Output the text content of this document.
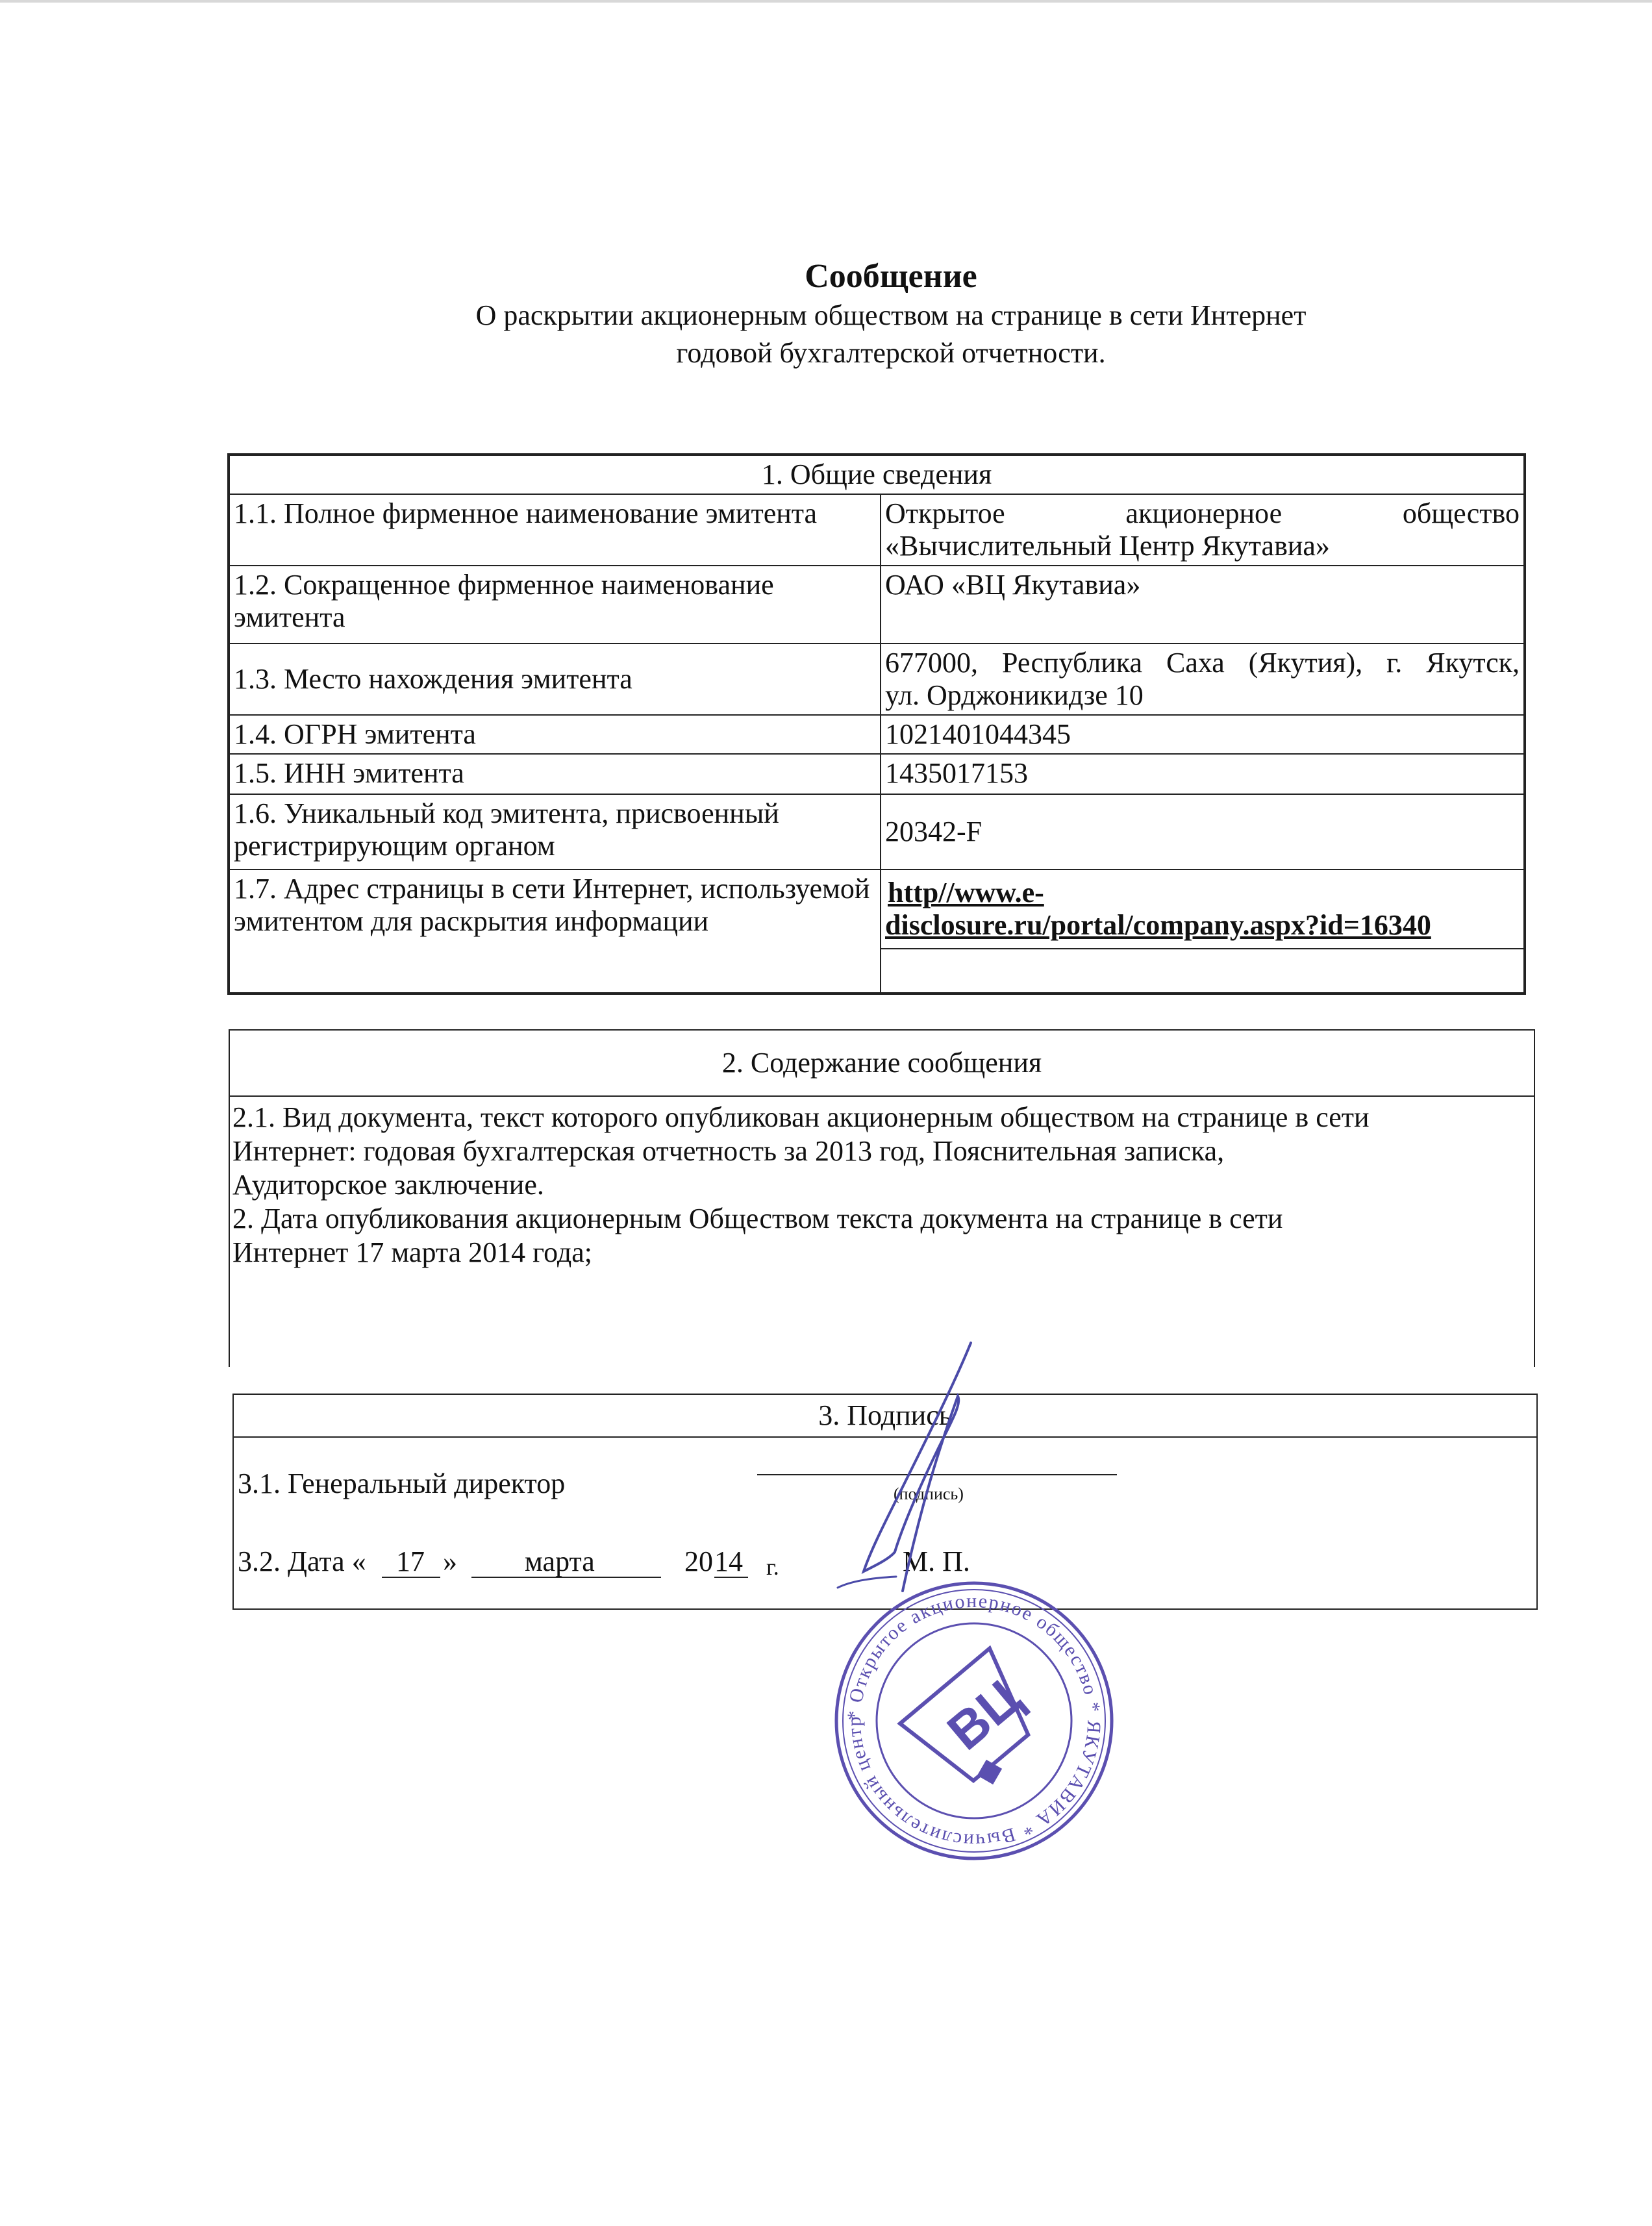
Сообщение
О раскрытии акционерным обществом на странице в сети Интернет
годовой бухгалтерской отчетности.
1. Общие сведения	
1.1. Полное фирменное наименование эмитента	Открытое акционерное общество
«Вычислительный Центр Якутавиа»

1.2. Сокращенное фирменное наименование эмитента	ОАО «ВЦ Якутавиа»
1.3. Место нахождения эмитента	677000, Республика Саха (Якутия), г. Якутск,
ул. Орджоникидзе 10

1.4. ОГРН эмитента	1021401044345
1.5. ИНН эмитента	1435017153
1.6. Уникальный код эмитента, присвоенный регистрирующим органом	20342-F
1.7. Адрес страницы в сети Интернет, используемой эмитентом для раскрытия информации	http//www.e-
disclosure.ru/portal/company.aspx?id=16340
2. Содержание сообщения
2.1. Вид документа, текст которого опубликован акционерным обществом на странице в сети
Интернет: годовая бухгалтерская отчетность за 2013 год, Пояснительная записка,
Аудиторское заключение.
2. Дата опубликования акционерным Обществом текста документа на странице в сети
Интернет 17 марта 2014 года;
3. Подпись
3.1. Генеральный директор	(подпись)
3.2. Дата « 17 » марта	20 14 г.	М. П.
* Открытое акционерное общество * ЯКУТАВИА * Вычислительный центр	ВЦ
